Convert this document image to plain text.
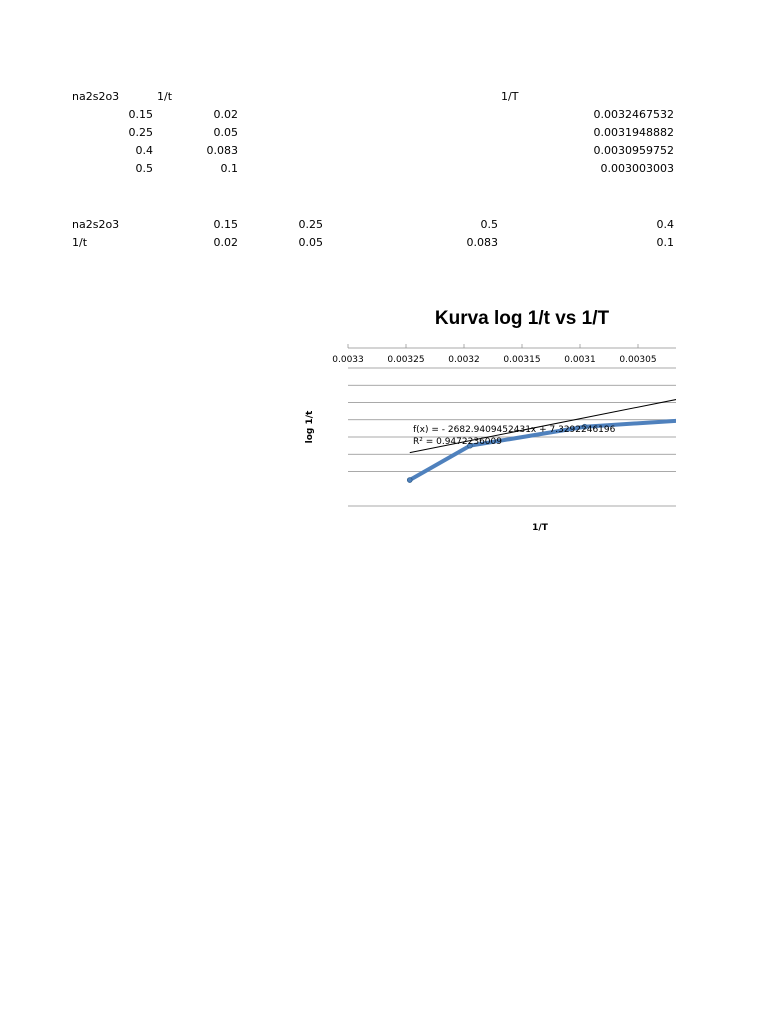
na2s2o3	1/t	1/T
0.15	0.02	0.0032467532
0.25	0.05	0.0031948882
0.4	0.083	0.0030959752
0.5	0.1	0.003003003
na2s2o3	0.15	0.25	0.5	0.4
1/t	0.02	0.05	0.083	0.1
Kurva log 1/t vs 1/T
0.0033	0.00325	0.0032	0.00315	0.0031	0.00305	0.003
f(x) = - 2682.9409452431x + 7.3292246196
R² = 0.9472236009
log 1/t
1/T
